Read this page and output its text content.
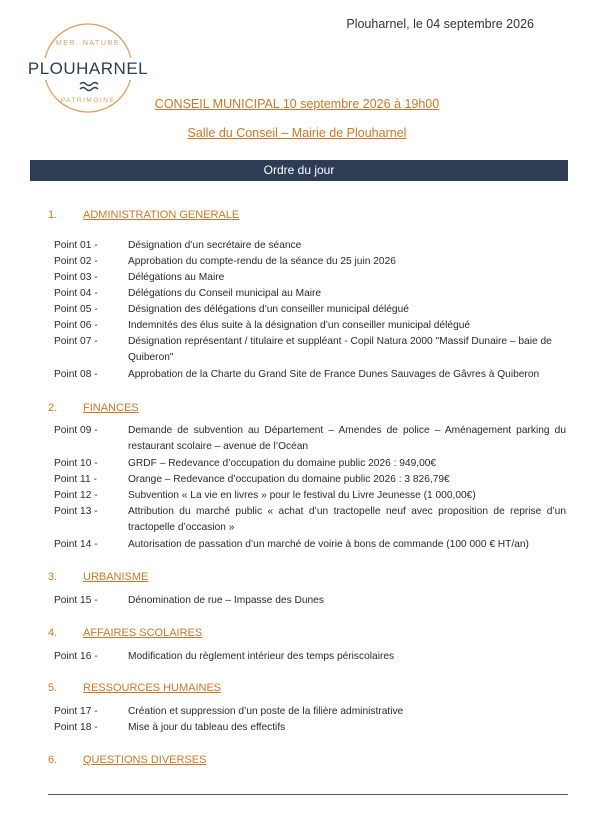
MER. NATURE
PLOUHARNEL
PATRIMOINE
Plouharnel, le 04 septembre 2026
CONSEIL MUNICIPAL 10 septembre 2026 à 19h00
Salle du Conseil – Mairie de Plouharnel
Ordre du jour
1. ADMINISTRATION GENERALE
Point 01 -	Désignation d’un secrétaire de séance
Point 02 -	Approbation du compte-rendu de la séance du 25 juin 2026
Point 03 -	Délégations au Maire
Point 04 -	Délégations du Conseil municipal au Maire
Point 05 -	Désignation des délégations d’un conseiller municipal délégué
Point 06 -	Indemnités des élus suite à la désignation d’un conseiller municipal délégué
Point 07 -	Désignation représentant / titulaire et suppléant - Copil Natura 2000 "Massif Dunaire – baie de Quiberon"
Point 08 -	Approbation de la Charte du Grand Site de France Dunes Sauvages de Gâvres à Quiberon
2. FINANCES
Point 09 -	Demande de subvention au Département – Amendes de police – Aménagement parking du restaurant scolaire – avenue de l’Océan
Point 10 -	GRDF – Redevance d’occupation du domaine public 2026 : 949,00€
Point 11 -	Orange – Redevance d’occupation du domaine public 2026 : 3 826,79€
Point 12 -	Subvention « La vie en livres » pour le festival du Livre Jeunesse (1 000,00€)
Point 13 -	Attribution du marché public « achat d’un tractopelle neuf avec proposition de reprise d’un tractopelle d’occasion »
Point 14 -	Autorisation de passation d’un marché de voirie à bons de commande (100 000 € HT/an)
3. URBANISME
Point 15 -	Dénomination de rue – Impasse des Dunes
4. AFFAIRES SCOLAIRES
Point 16 -	Modification du règlement intérieur des temps périscolaires
5. RESSOURCES HUMAINES
Point 17 -	Création et suppression d’un poste de la filière administrative
Point 18 -	Mise à jour du tableau des effectifs
6. QUESTIONS DIVERSES
